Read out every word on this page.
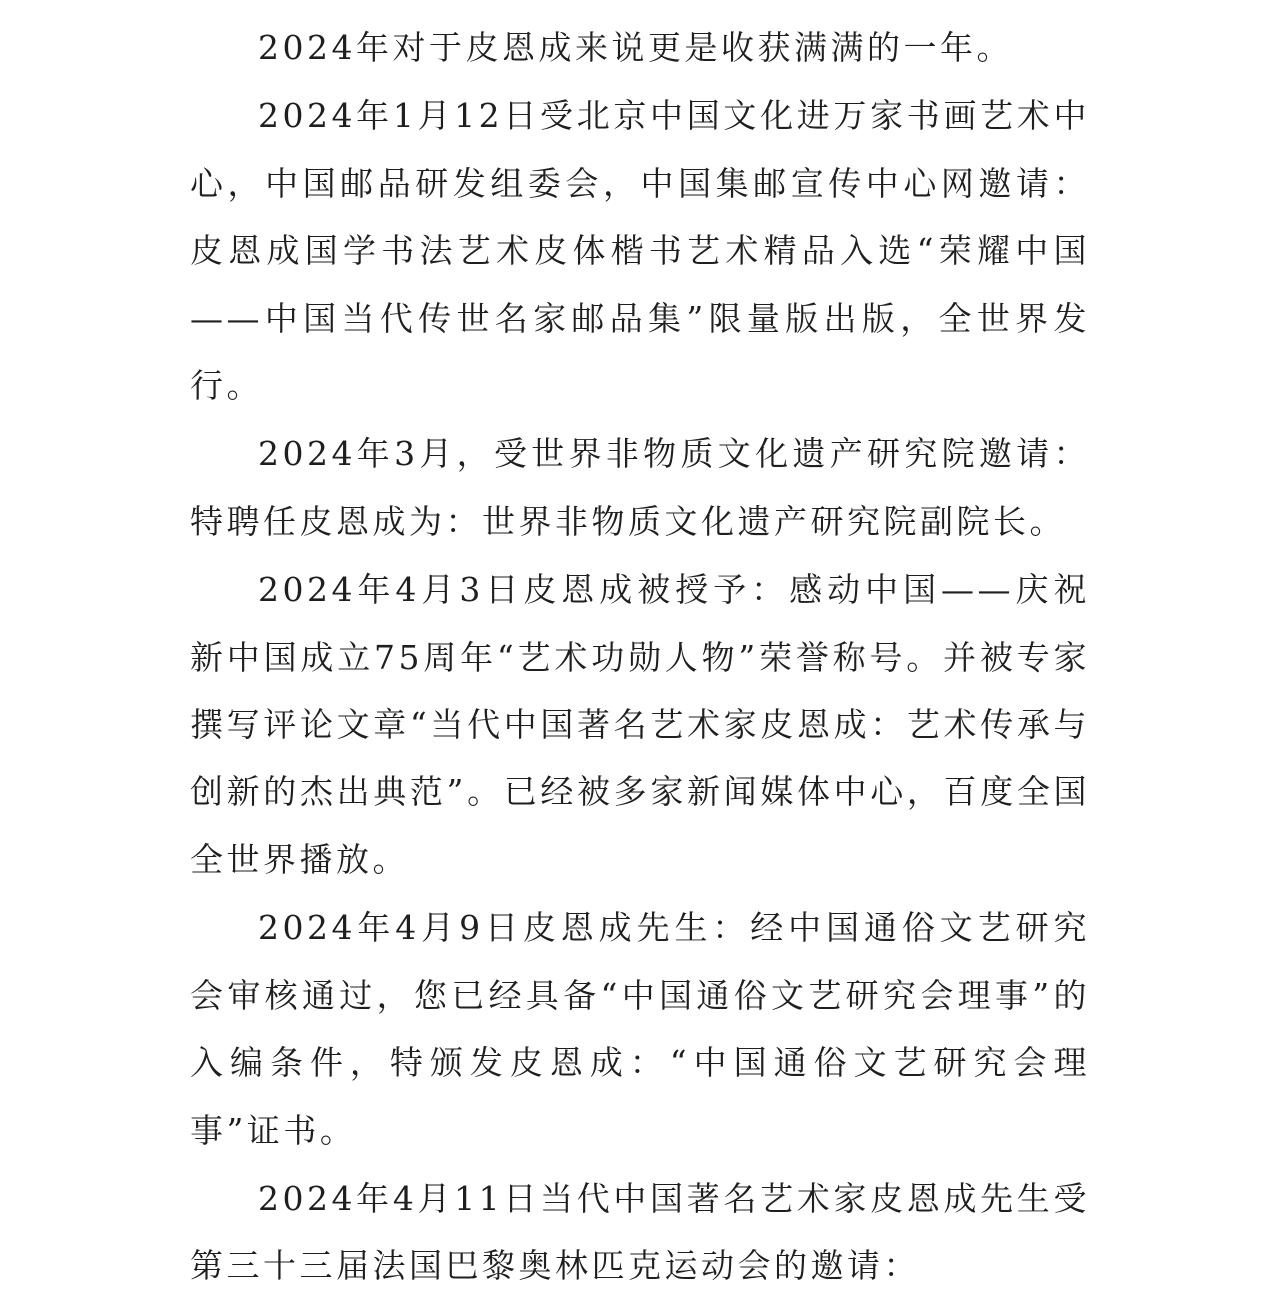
2024年对于皮恩成来说更是收获满满的一年。

2024年1月12日受北京中国文化进万家书画艺术中心，中国邮品研发组委会，中国集邮宣传中心网邀请：皮恩成国学书法艺术皮体楷书艺术精品入选“荣耀中国——中国当代传世名家邮品集”限量版出版，全世界发行。

2024年3月，受世界非物质文化遗产研究院邀请：特聘任皮恩成为：世界非物质文化遗产研究院副院长。

2024年4月3日皮恩成被授予：感动中国——庆祝新中国成立75周年“艺术功勋人物”荣誉称号。并被专家撰写评论文章“当代中国著名艺术家皮恩成：艺术传承与创新的杰出典范”。已经被多家新闻媒体中心，百度全国全世界播放。

2024年4月9日皮恩成先生：经中国通俗文艺研究会审核通过，您已经具备“中国通俗文艺研究会理事”的入编条件，特颁发皮恩成：“中国通俗文艺研究会理事”证书。

2024年4月11日当代中国著名艺术家皮恩成先生受第三十三届法国巴黎奥林匹克运动会的邀请：
